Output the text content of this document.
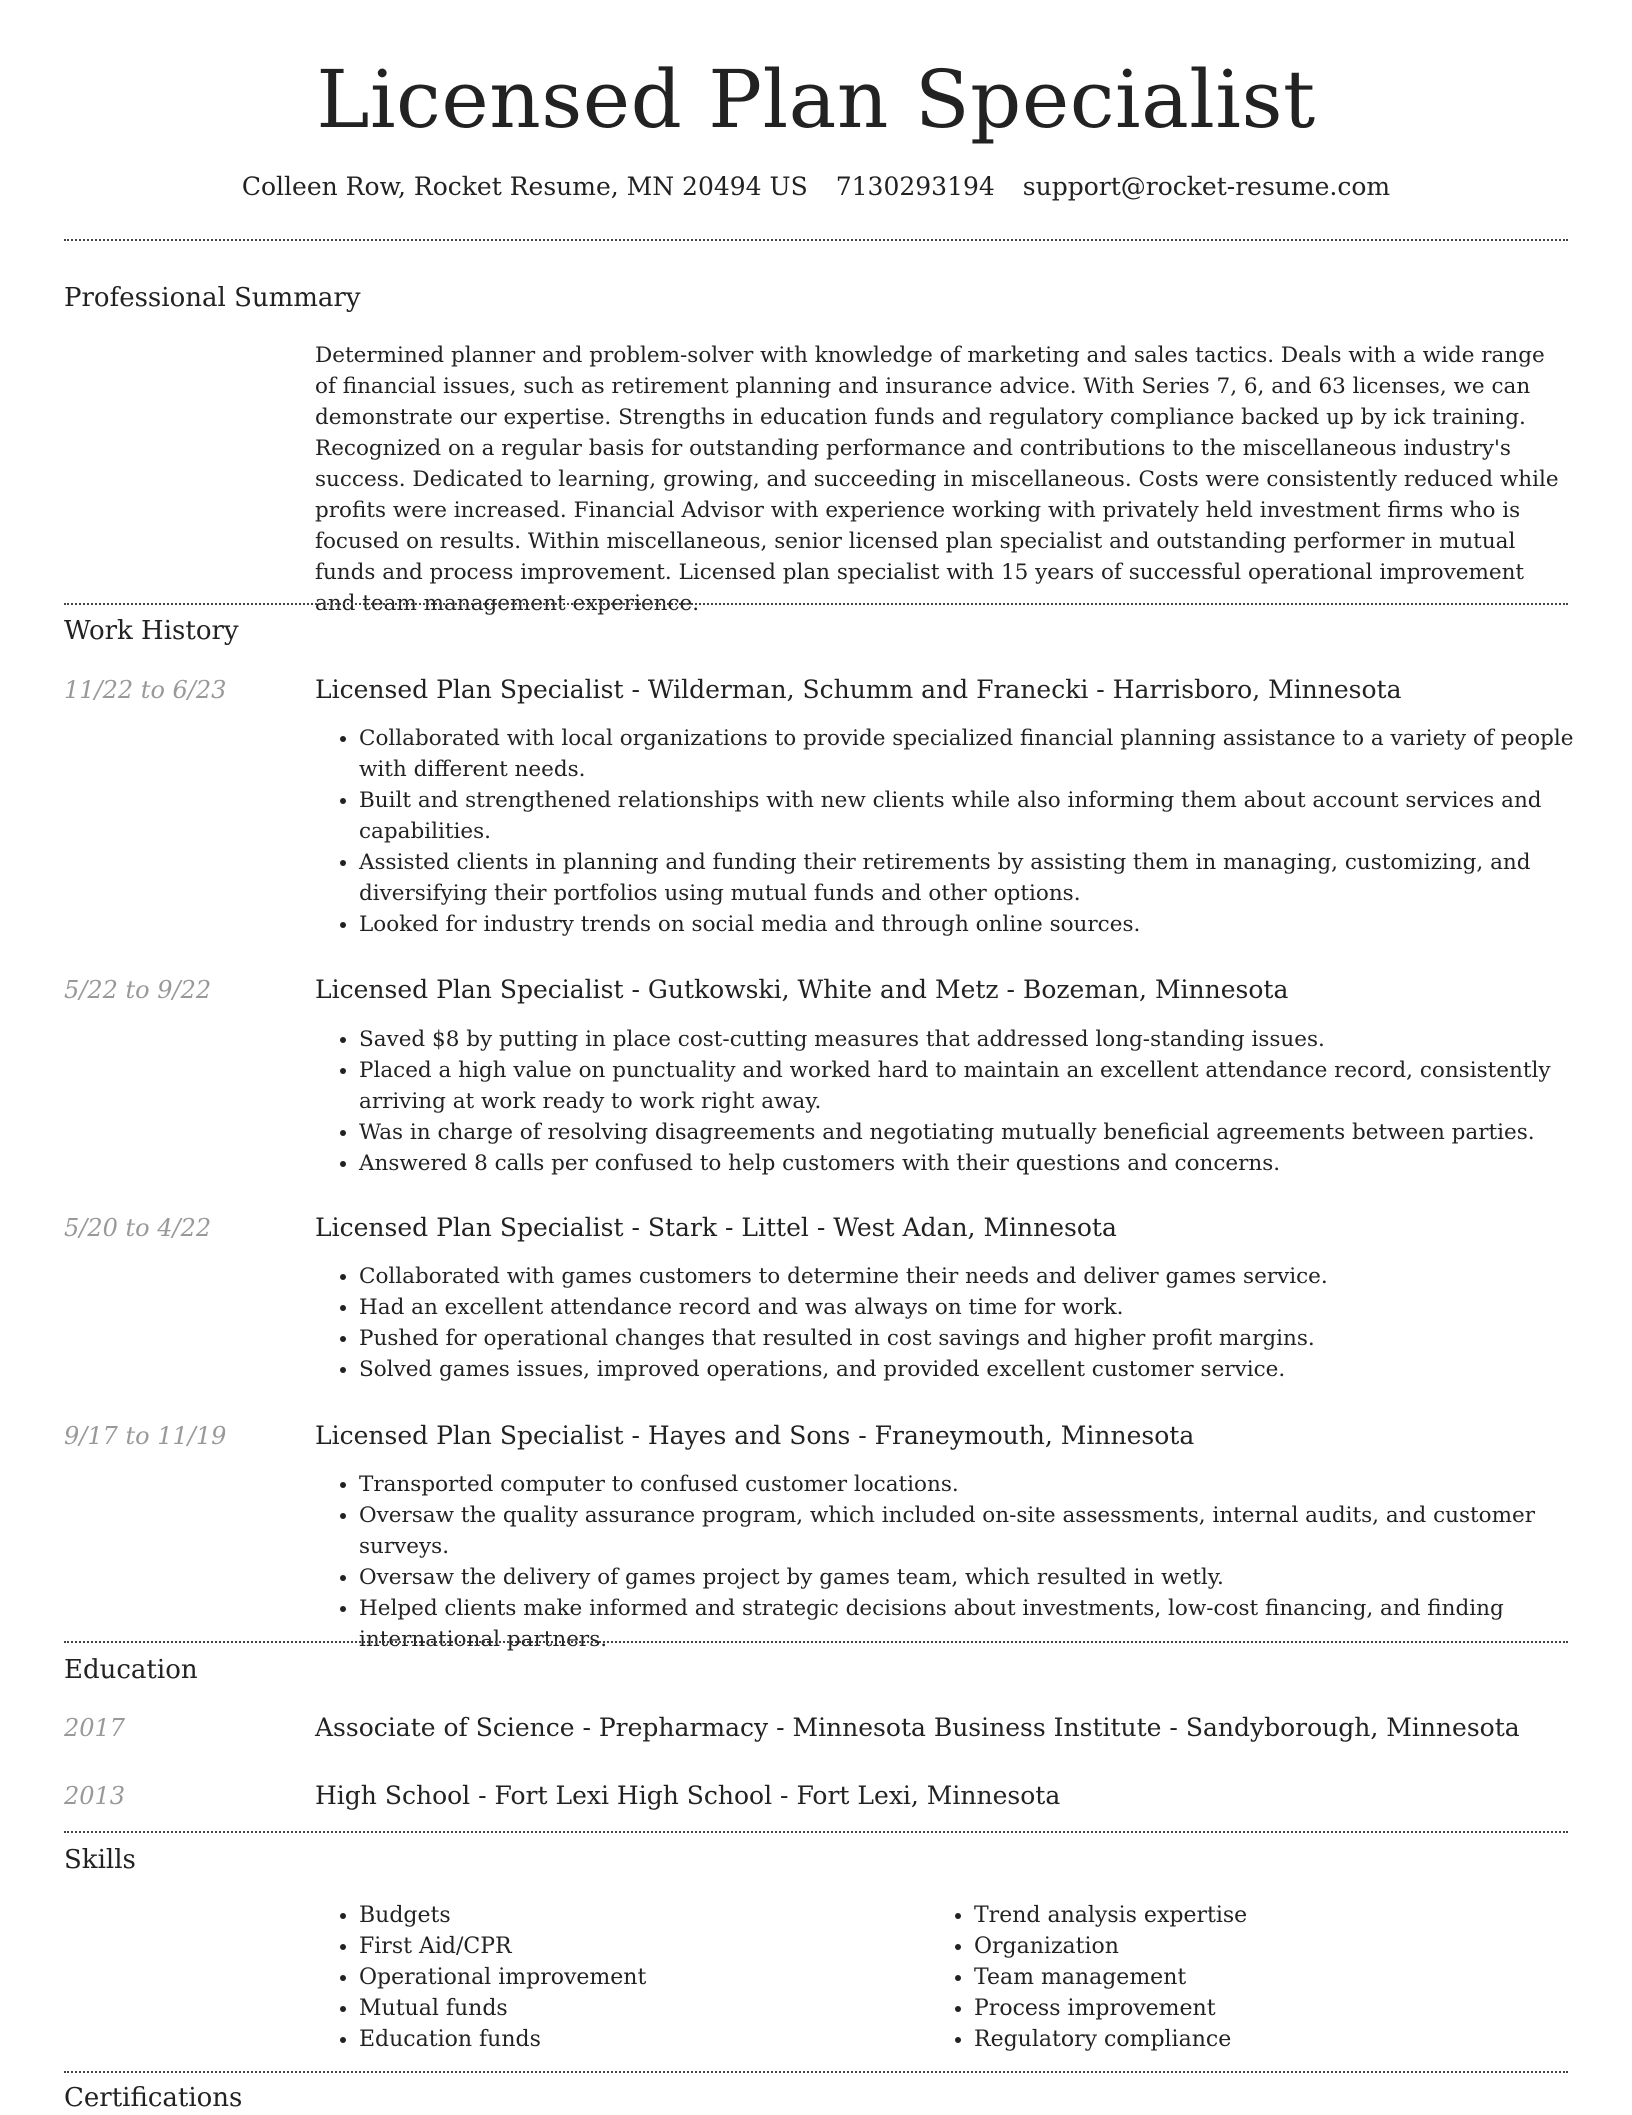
Licensed Plan Specialist
Colleen Row, Rocket Resume, MN 20494 US 7130293194 support@rocket-resume.com
Professional Summary

Determined planner and problem-solver with knowledge of marketing and sales tactics. Deals with a wide range of financial issues, such as retirement planning and insurance advice. With Series 7, 6, and 63 licenses, we can demonstrate our expertise. Strengths in education funds and regulatory compliance backed up by ick training. Recognized on a regular basis for outstanding performance and contributions to the miscellaneous industry's success. Dedicated to learning, growing, and succeeding in miscellaneous. Costs were consistently reduced while profits were increased. Financial Advisor with experience working with privately held investment firms who is focused on results. Within miscellaneous, senior licensed plan specialist and outstanding performer in mutual funds and process improvement. Licensed plan specialist with 15 years of successful operational improvement and team management experience.

Work History
11/22 to 6/23	Licensed Plan Specialist - Wilderman, Schumm and Franecki - Harrisboro, Minnesota
• Collaborated with local organizations to provide specialized financial planning assistance to a variety of people with different needs.
• Built and strengthened relationships with new clients while also informing them about account services and capabilities.
• Assisted clients in planning and funding their retirements by assisting them in managing, customizing, and diversifying their portfolios using mutual funds and other options.
• Looked for industry trends on social media and through online sources.
5/22 to 9/22	Licensed Plan Specialist - Gutkowski, White and Metz - Bozeman, Minnesota
• Saved $8 by putting in place cost-cutting measures that addressed long-standing issues.
• Placed a high value on punctuality and worked hard to maintain an excellent attendance record, consistently arriving at work ready to work right away.
• Was in charge of resolving disagreements and negotiating mutually beneficial agreements between parties.
• Answered 8 calls per confused to help customers with their questions and concerns.
5/20 to 4/22	Licensed Plan Specialist - Stark - Littel - West Adan, Minnesota
• Collaborated with games customers to determine their needs and deliver games service.
• Had an excellent attendance record and was always on time for work.
• Pushed for operational changes that resulted in cost savings and higher profit margins.
• Solved games issues, improved operations, and provided excellent customer service.
9/17 to 11/19	Licensed Plan Specialist - Hayes and Sons - Franeymouth, Minnesota
• Transported computer to confused customer locations.
• Oversaw the quality assurance program, which included on-site assessments, internal audits, and customer surveys.
• Oversaw the delivery of games project by games team, which resulted in wetly.
• Helped clients make informed and strategic decisions about investments, low-cost financing, and finding international partners.
Education
2017	Associate of Science - Prepharmacy - Minnesota Business Institute - Sandyborough, Minnesota
2013	High School - Fort Lexi High School - Fort Lexi, Minnesota
Skills
• Budgets
• First Aid/CPR
• Operational improvement
• Mutual funds
• Education funds
• Trend analysis expertise
• Organization
• Team management
• Process improvement
• Regulatory compliance
Certifications
